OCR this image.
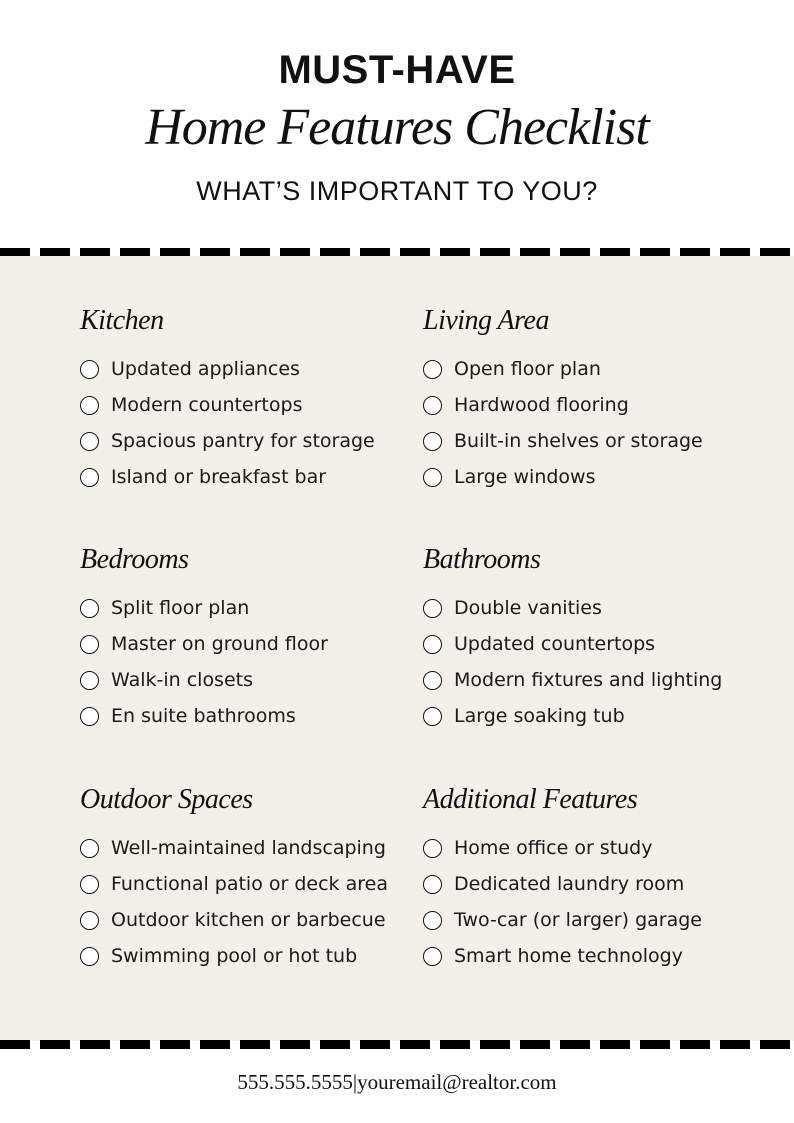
MUST-HAVE
Home Features Checklist
WHAT’S IMPORTANT TO YOU?
Kitchen
Updated appliances
Modern countertops
Spacious pantry for storage
Island or breakfast bar
Living Area
Open floor plan
Hardwood flooring
Built-in shelves or storage
Large windows
Bedrooms
Split floor plan
Master on ground floor
Walk-in closets
En suite bathrooms
Bathrooms
Double vanities
Updated countertops
Modern fixtures and lighting
Large soaking tub
Outdoor Spaces
Well-maintained landscaping
Functional patio or deck area
Outdoor kitchen or barbecue
Swimming pool or hot tub
Additional Features
Home office or study
Dedicated laundry room
Two-car (or larger) garage
Smart home technology
555.555.5555|youremail@realtor.com
